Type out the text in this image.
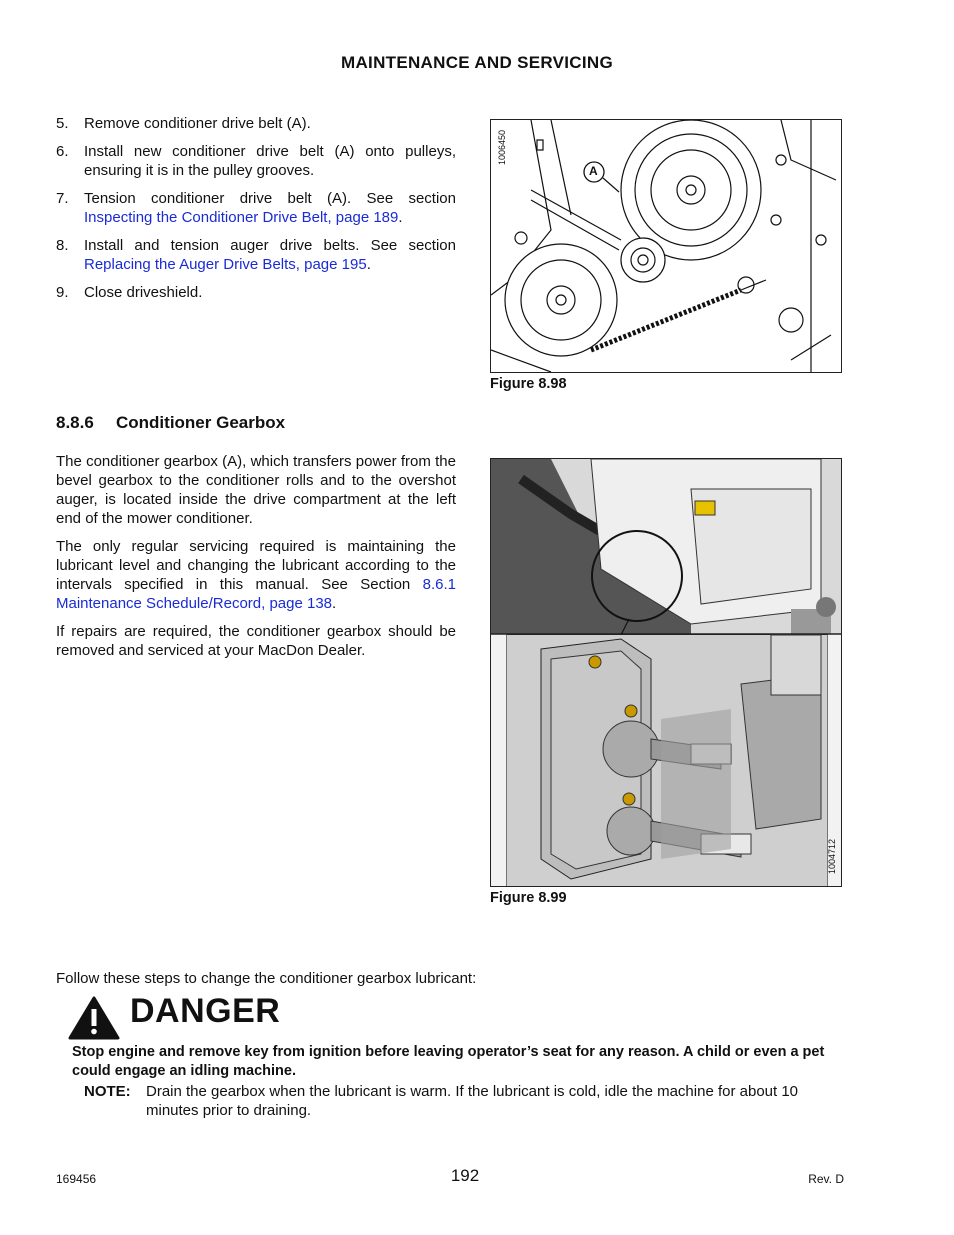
MAINTENANCE AND SERVICING
5.	Remove conditioner drive belt (A).
6.	Install new conditioner drive belt (A) onto pulleys, ensuring it is in the pulley grooves.
7.	Tension conditioner drive belt (A). See section Inspecting the Conditioner Drive Belt, page 189.
8.	Install and tension auger drive belts. See section Replacing the Auger Drive Belts, page 195.
9.	Close driveshield.
1006450
A
Figure 8.98
8.8.6 Conditioner Gearbox

The conditioner gearbox (A), which transfers power from the bevel gearbox to the conditioner rolls and to the overshot auger, is located inside the drive compartment at the left end of the mower conditioner.

The only regular servicing required is maintaining the lubricant level and changing the lubricant according to the intervals specified in this manual. See Section 8.6.1 Maintenance Schedule/Record, page 138.

If repairs are required, the conditioner gearbox should be removed and serviced at your MacDon Dealer.

1004712
Figure 8.99
Follow these steps to change the conditioner gearbox lubricant:
DANGER
Stop engine and remove key from ignition before leaving operator’s seat for any reason. A child or even a pet could engage an idling machine.
NOTE:	Drain the gearbox when the lubricant is warm. If the lubricant is cold, idle the machine for about 10 minutes prior to draining.
169456	192	Rev. D
